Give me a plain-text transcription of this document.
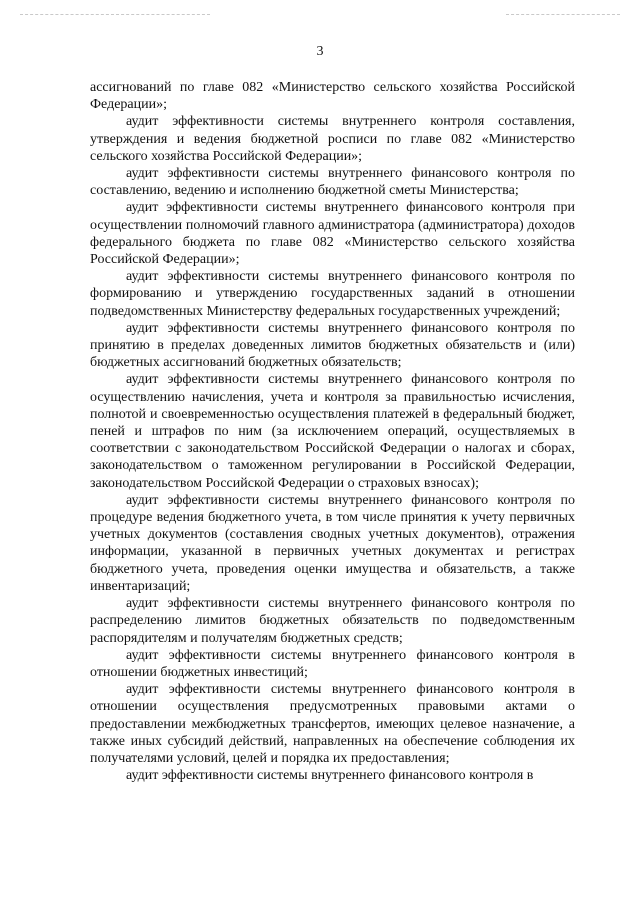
3

ассигнований по главе 082 «Министерство сельского хозяйства Российской Федерации»;

аудит эффективности системы внутреннего контроля составления, утверждения и ведения бюджетной росписи по главе 082 «Министерство сельского хозяйства Российской Федерации»;

аудит эффективности системы внутреннего финансового контроля по составлению, ведению и исполнению бюджетной сметы Министерства;

аудит эффективности системы внутреннего финансового контроля при осуществлении полномочий главного администратора (администратора) доходов федерального бюджета по главе 082 «Министерство сельского хозяйства Российской Федерации»;

аудит эффективности системы внутреннего финансового контроля по формированию и утверждению государственных заданий в отношении подведомственных Министерству федеральных государственных учреждений;

аудит эффективности системы внутреннего финансового контроля по принятию в пределах доведенных лимитов бюджетных обязательств и (или) бюджетных ассигнований бюджетных обязательств;

аудит эффективности системы внутреннего финансового контроля по осуществлению начисления, учета и контроля за правильностью исчисления, полнотой и своевременностью осуществления платежей в федеральный бюджет, пеней и штрафов по ним (за исключением операций, осуществляемых в соответствии с законодательством Российской Федерации о налогах и сборах, законодательством о таможенном регулировании в Российской Федерации, законодательством Российской Федерации о страховых взносах);

аудит эффективности системы внутреннего финансового контроля по процедуре ведения бюджетного учета, в том числе принятия к учету первичных учетных документов (составления сводных учетных документов), отражения информации, указанной в первичных учетных документах и регистрах бюджетного учета, проведения оценки имущества и обязательств, а также инвентаризаций;

аудит эффективности системы внутреннего финансового контроля по распределению лимитов бюджетных обязательств по подведомственным распорядителям и получателям бюджетных средств;

аудит эффективности системы внутреннего финансового контроля в отношении бюджетных инвестиций;

аудит эффективности системы внутреннего финансового контроля в отношении осуществления предусмотренных правовыми актами о предоставлении межбюджетных трансфертов, имеющих целевое назначение, а также иных субсидий действий, направленных на обеспечение соблюдения их получателями условий, целей и порядка их предоставления;

аудит эффективности системы внутреннего финансового контроля в
